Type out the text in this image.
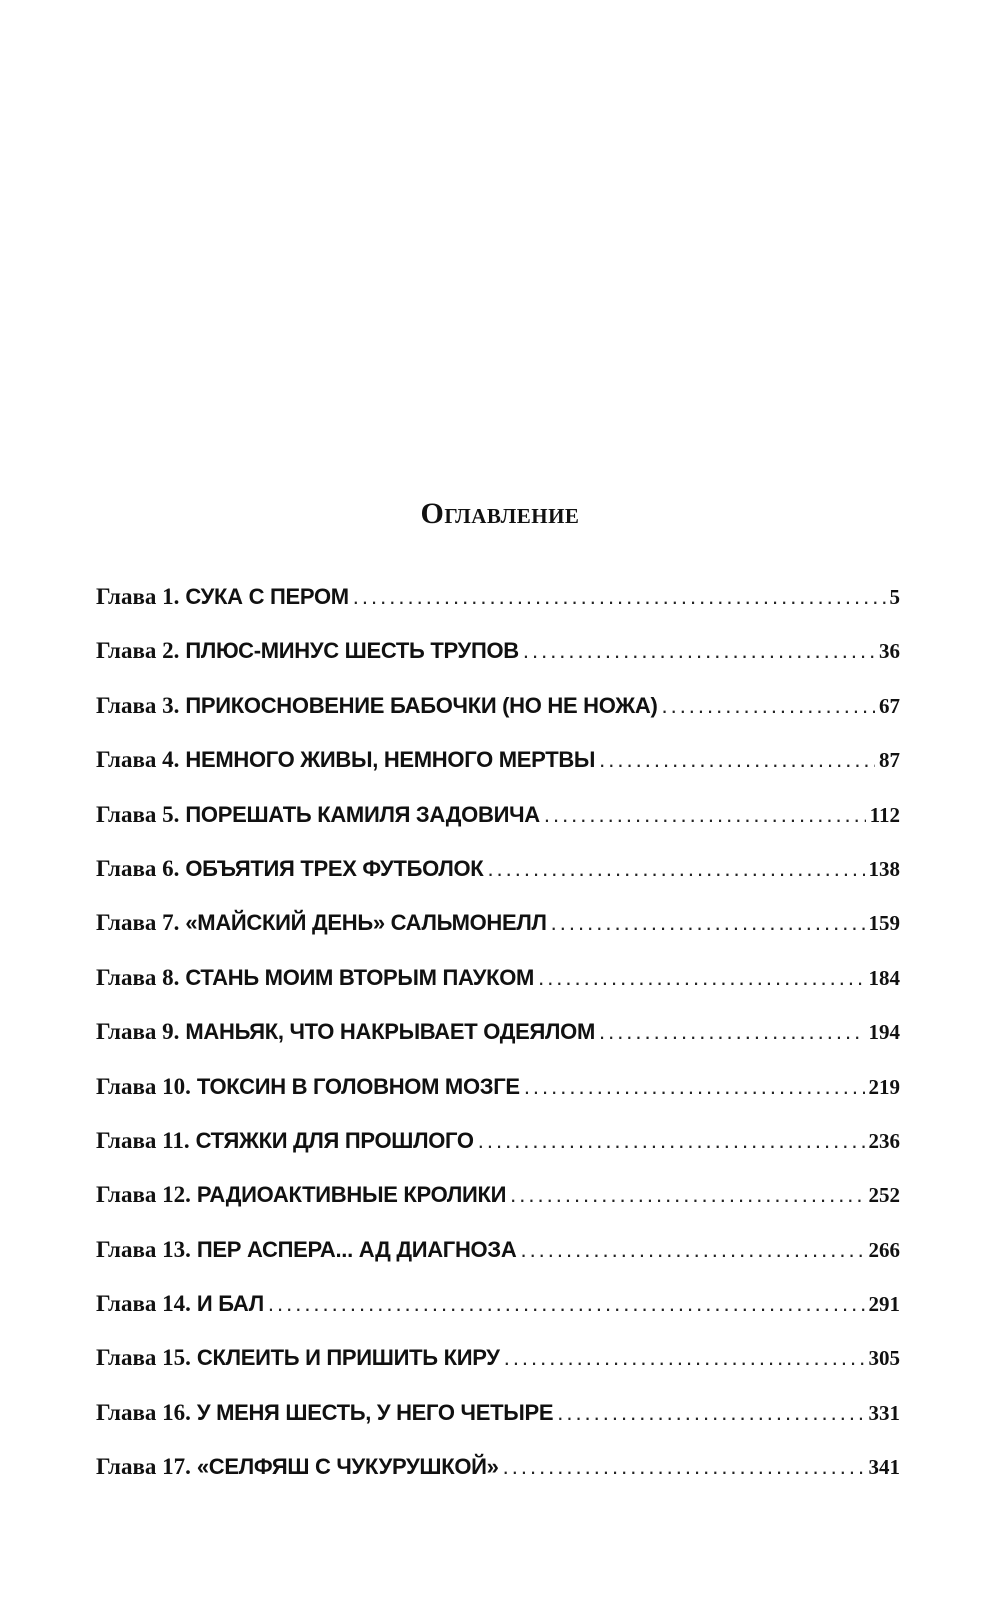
Оглавление
Глава 1. СУКА С ПЕРОМ .....	5
Глава 2. ПЛЮС-МИНУС ШЕСТЬ ТРУПОВ .....	36
Глава 3. ПРИКОСНОВЕНИЕ БАБОЧКИ (НО НЕ НОЖА) .....	67
Глава 4. НЕМНОГО ЖИВЫ, НЕМНОГО МЕРТВЫ .....	87
Глава 5. ПОРЕШАТЬ КАМИЛЯ ЗАДОВИЧА .....	112
Глава 6. ОБЪЯТИЯ ТРЕХ ФУТБОЛОК .....	138
Глава 7. «МАЙСКИЙ ДЕНЬ» САЛЬМОНЕЛЛ .....	159
Глава 8. СТАНЬ МОИМ ВТОРЫМ ПАУКОМ .....	184
Глава 9. МАНЬЯК, ЧТО НАКРЫВАЕТ ОДЕЯЛОМ .....	194
Глава 10. ТОКСИН В ГОЛОВНОМ МОЗГЕ .....	219
Глава 11. СТЯЖКИ ДЛЯ ПРОШЛОГО .....	236
Глава 12. РАДИОАКТИВНЫЕ КРОЛИКИ .....	252
Глава 13. ПЕР АСПЕРА... АД ДИАГНОЗА .....	266
Глава 14. И БАЛ .....	291
Глава 15. СКЛЕИТЬ И ПРИШИТЬ КИРУ .....	305
Глава 16. У МЕНЯ ШЕСТЬ, У НЕГО ЧЕТЫРЕ .....	331
Глава 17. «СЕЛФЯШ С ЧУКУРУШКОЙ» .....	341
